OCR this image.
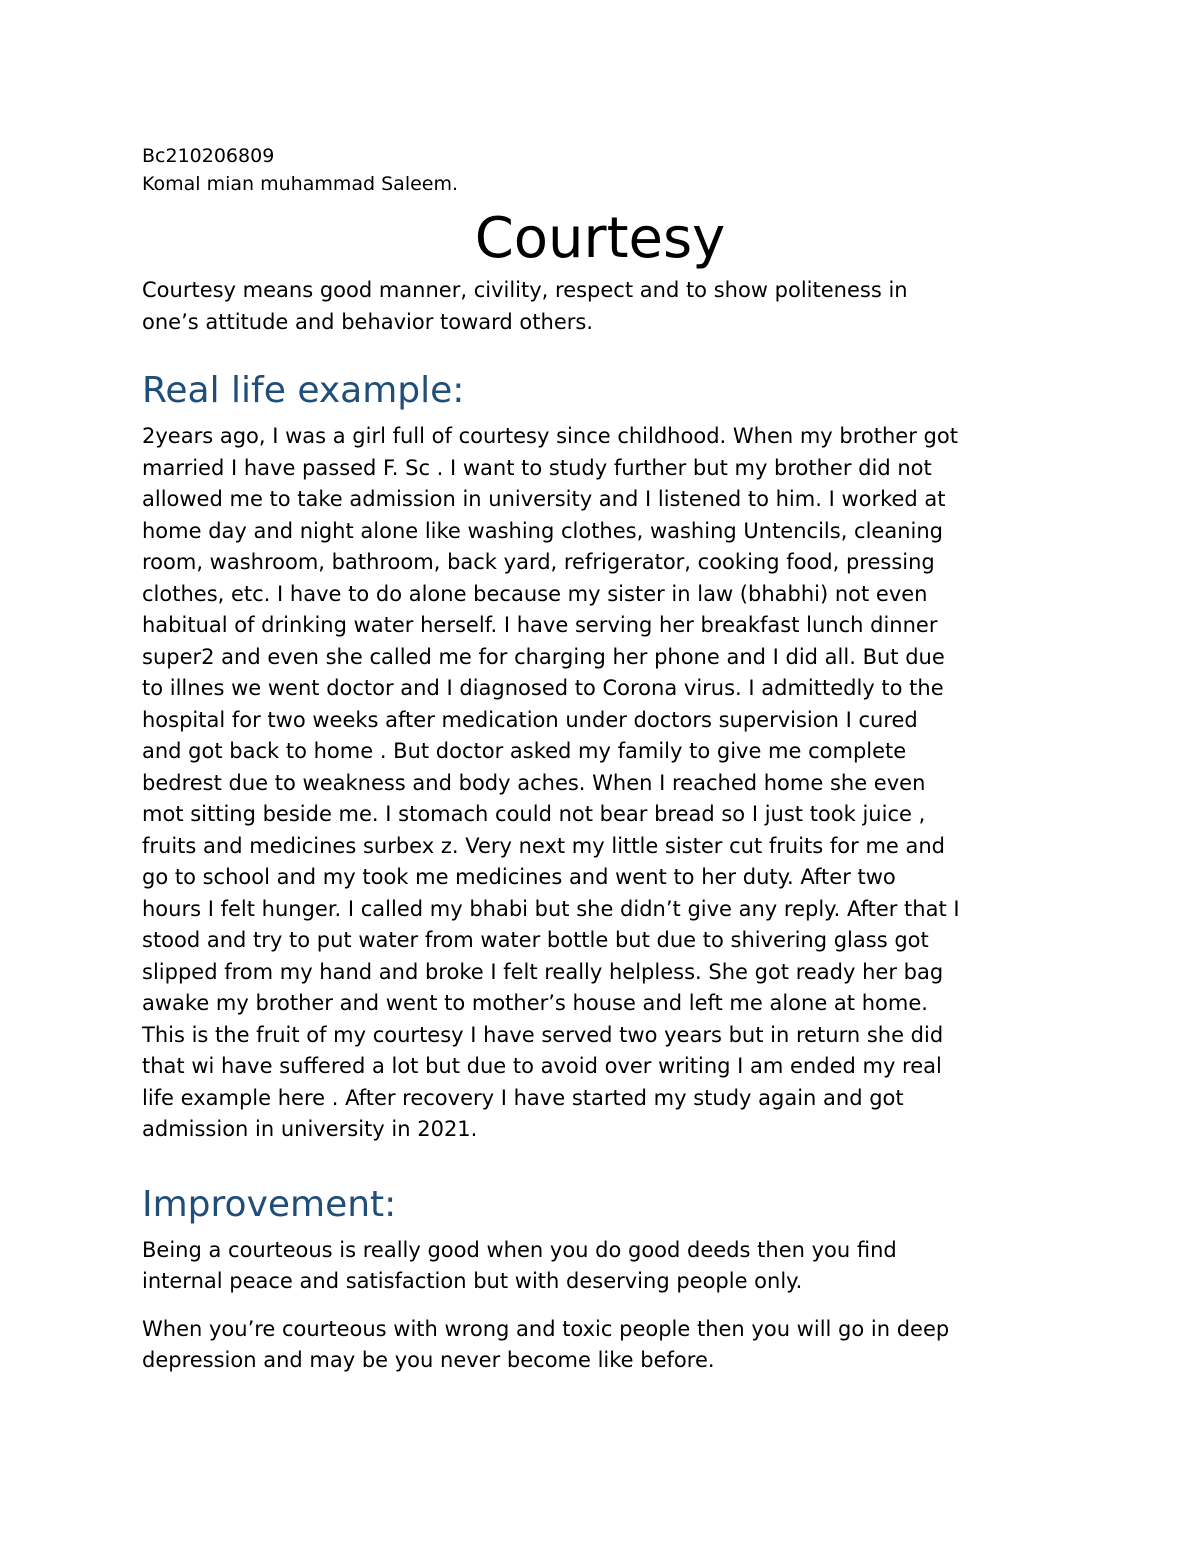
Bc210206809
Komal mian muhammad Saleem.
Courtesy
Courtesy means good manner, civility, respect and to show politeness in
one’s attitude and behavior toward others.
Real life example:
2years ago, I was a girl full of courtesy since childhood. When my brother got
married I have passed F. Sc . I want to study further but my brother did not
allowed me to take admission in university and I listened to him. I worked at
home day and night alone like washing clothes, washing Untencils, cleaning
room, washroom, bathroom, back yard, refrigerator, cooking food, pressing
clothes, etc. I have to do alone because my sister in law (bhabhi) not even
habitual of drinking water herself. I have serving her breakfast lunch dinner
super2 and even she called me for charging her phone and I did all. But due
to illnes we went doctor and I diagnosed to Corona virus. I admittedly to the
hospital for two weeks after medication under doctors supervision I cured
and got back to home . But doctor asked my family to give me complete
bedrest due to weakness and body aches. When I reached home she even
mot sitting beside me. I stomach could not bear bread so I just took juice ,
fruits and medicines surbex z. Very next my little sister cut fruits for me and
go to school and my took me medicines and went to her duty. After two
hours I felt hunger. I called my bhabi but she didn’t give any reply. After that I
stood and try to put water from water bottle but due to shivering glass got
slipped from my hand and broke I felt really helpless. She got ready her bag
awake my brother and went to mother’s house and left me alone at home.
This is the fruit of my courtesy I have served two years but in return she did
that wi have suffered a lot but due to avoid over writing I am ended my real
life example here . After recovery I have started my study again and got
admission in university in 2021.
Improvement:
Being a courteous is really good when you do good deeds then you find
internal peace and satisfaction but with deserving people only.
When you’re courteous with wrong and toxic people then you will go in deep
depression and may be you never become like before.
